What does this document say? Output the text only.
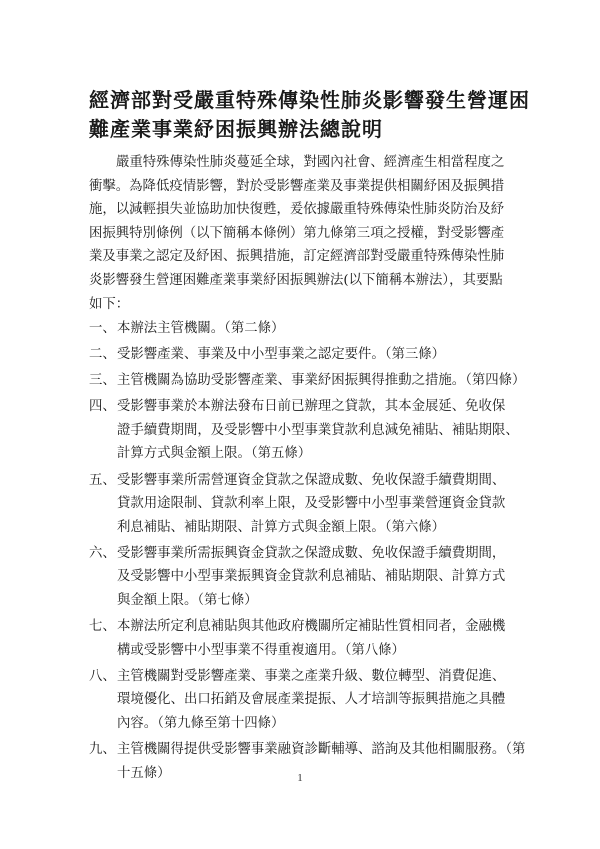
經濟部對受嚴重特殊傳染性肺炎影響發生營運困
難產業事業紓困振興辦法總說明
嚴重特殊傳染性肺炎蔓延全球，對國內社會、經濟產生相當程度之
衝擊。為降低疫情影響，對於受影響產業及事業提供相關紓困及振興措
施，以減輕損失並協助加快復甦，爰依據嚴重特殊傳染性肺炎防治及紓
困振興特別條例（以下簡稱本條例）第九條第三項之授權，對受影響產
業及事業之認定及紓困、振興措施，訂定經濟部對受嚴重特殊傳染性肺
炎影響發生營運困難產業事業紓困振興辦法(以下簡稱本辦法），其要點
如下：
一、 本辦法主管機關。（第二條）
二、 受影響產業、事業及中小型事業之認定要件。（第三條）
三、 主管機關為協助受影響產業、事業紓困振興得推動之措施。（第四條）
四、 受影響事業於本辦法發布日前已辦理之貸款，其本金展延、免收保
證手續費期間，及受影響中小型事業貸款利息減免補貼、補貼期限、
計算方式與金額上限。（第五條）
五、 受影響事業所需營運資金貸款之保證成數、免收保證手續費期間、
貸款用途限制、貸款利率上限，及受影響中小型事業營運資金貸款
利息補貼、補貼期限、計算方式與金額上限。（第六條）
六、 受影響事業所需振興資金貸款之保證成數、免收保證手續費期間，
及受影響中小型事業振興資金貸款利息補貼、補貼期限、計算方式
與金額上限。（第七條）
七、 本辦法所定利息補貼與其他政府機關所定補貼性質相同者，金融機
構或受影響中小型事業不得重複適用。（第八條）
八、 主管機關對受影響產業、事業之產業升級、數位轉型、消費促進、
環境優化、出口拓銷及會展產業提振、人才培訓等振興措施之具體
內容。（第九條至第十四條）
九、 主管機關得提供受影響事業融資診斷輔導、諮詢及其他相關服務。（第
十五條）	1
